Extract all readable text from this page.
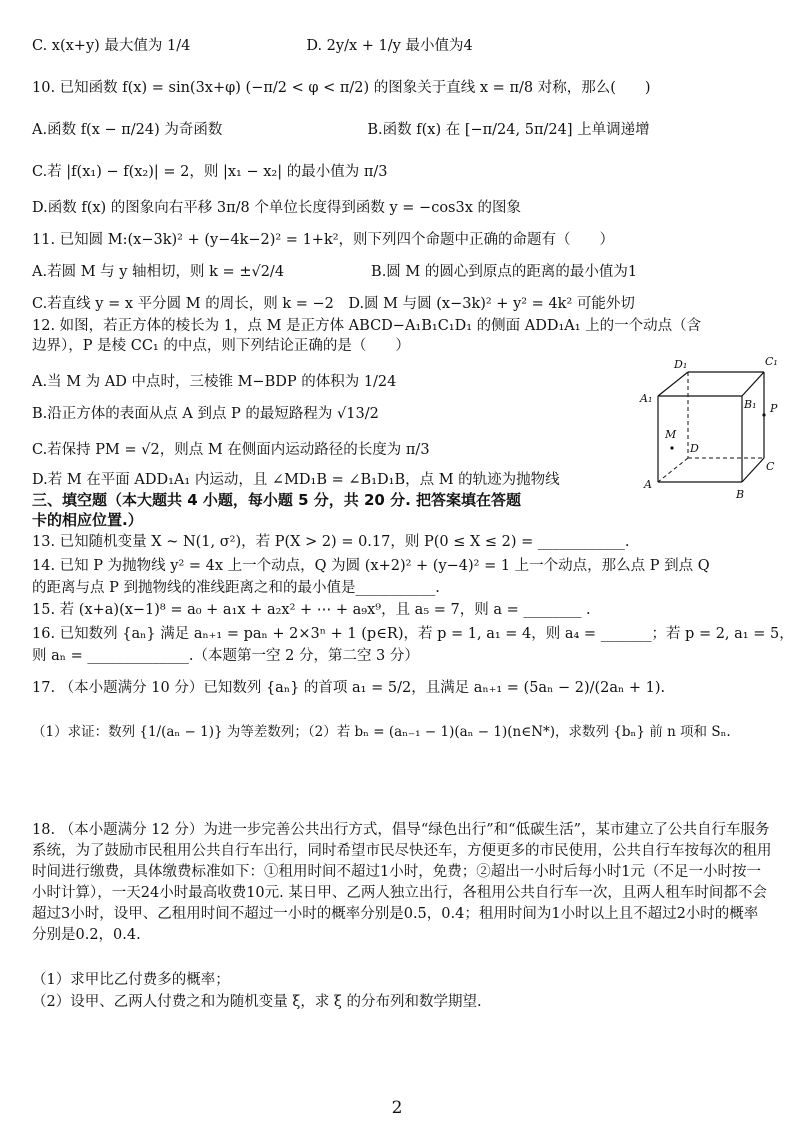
C. x(x+y) 最大值为 1/4　　　　　　　　D. 2y/x + 1/y 最小值为4
10. 已知函数 f(x) = sin(3x+φ) (−π/2 < φ < π/2) 的图象关于直线 x = π/8 对称，那么(　　)
A.函数 f(x − π/24) 为奇函数　　　　　　　　　　B.函数 f(x) 在 [−π/24, 5π/24] 上单调递增
C.若 |f(x₁) − f(x₂)| = 2，则 |x₁ − x₂| 的最小值为 π/3
D.函数 f(x) 的图象向右平移 3π/8 个单位长度得到函数 y = −cos3x 的图象
11. 已知圆 M:(x−3k)² + (y−4k−2)² = 1+k²，则下列四个命题中正确的命题有（　　）
A.若圆 M 与 y 轴相切，则 k = ±√2/4　　　　　　B.圆 M 的圆心到原点的距离的最小值为1
C.若直线 y = x 平分圆 M 的周长，则 k = −2　D.圆 M 与圆 (x−3k)² + y² = 4k² 可能外切
12. 如图，若正方体的棱长为 1，点 M 是正方体 ABCD−A₁B₁C₁D₁ 的侧面 ADD₁A₁ 上的一个动点（含
边界），P 是棱 CC₁ 的中点，则下列结论正确的是（　　）
A.当 M 为 AD 中点时，三棱锥 M−BDP 的体积为 1/24
B.沿正方体的表面从点 A 到点 P 的最短路程为 √13/2
C.若保持 PM = √2，则点 M 在侧面内运动路径的长度为 π/3
D.若 M 在平面 ADD₁A₁ 内运动，且 ∠MD₁B = ∠B₁D₁B，点 M 的轨迹为抛物线
三、填空题（本大题共 4 小题，每小题 5 分，共 20 分. 把答案填在答题
卡的相应位置.）
13. 已知随机变量 X ~ N(1, σ²)，若 P(X > 2) = 0.17，则 P(0 ≤ X ≤ 2) = ____________.
14. 已知 P 为抛物线 y² = 4x 上一个动点，Q 为圆 (x+2)² + (y−4)² = 1 上一个动点，那么点 P 到点 Q
的距离与点 P 到抛物线的准线距离之和的最小值是___________.
15. 若 (x+a)(x−1)⁸ = a₀ + a₁x + a₂x² + ⋯ + a₉x⁹，且 a₅ = 7，则 a = ________ .
16. 已知数列 {aₙ} 满足 aₙ₊₁ = paₙ + 2×3ⁿ + 1 (p∈R)，若 p = 1, a₁ = 4，则 a₄ = _______；若 p = 2, a₁ = 5，
则 aₙ = ______________.（本题第一空 2 分，第二空 3 分）
17. （本小题满分 10 分）已知数列 {aₙ} 的首项 a₁ = 5/2，且满足 aₙ₊₁ = (5aₙ − 2)/(2aₙ + 1).
（1）求证：数列 {1/(aₙ − 1)} 为等差数列；（2）若 bₙ = (aₙ₋₁ − 1)(aₙ − 1)(n∈N*)，求数列 {bₙ} 前 n 项和 Sₙ.
18. （本小题满分 12 分）为进一步完善公共出行方式，倡导“绿色出行”和“低碳生活”，某市建立了公共自行车服务系统，为了鼓励市民租用公共自行车出行，同时希望市民尽快还车，方便更多的市民使用，公共自行车按每次的租用时间进行缴费，具体缴费标准如下：①租用时间不超过1小时，免费；②超出一小时后每小时1元（不足一小时按一小时计算），一天24小时最高收费10元. 某日甲、乙两人独立出行，各租用公共自行车一次，且两人租车时间都不会超过3小时，设甲、乙租用时间不超过一小时的概率分别是0.5，0.4；租用时间为1小时以上且不超过2小时的概率分别是0.2，0.4.
（1）求甲比乙付费多的概率；
（2）设甲、乙两人付费之和为随机变量 ξ，求 ξ 的分布列和数学期望.
D₁	C₁
A₁	B₁ P
M
D
C
A
B
2
